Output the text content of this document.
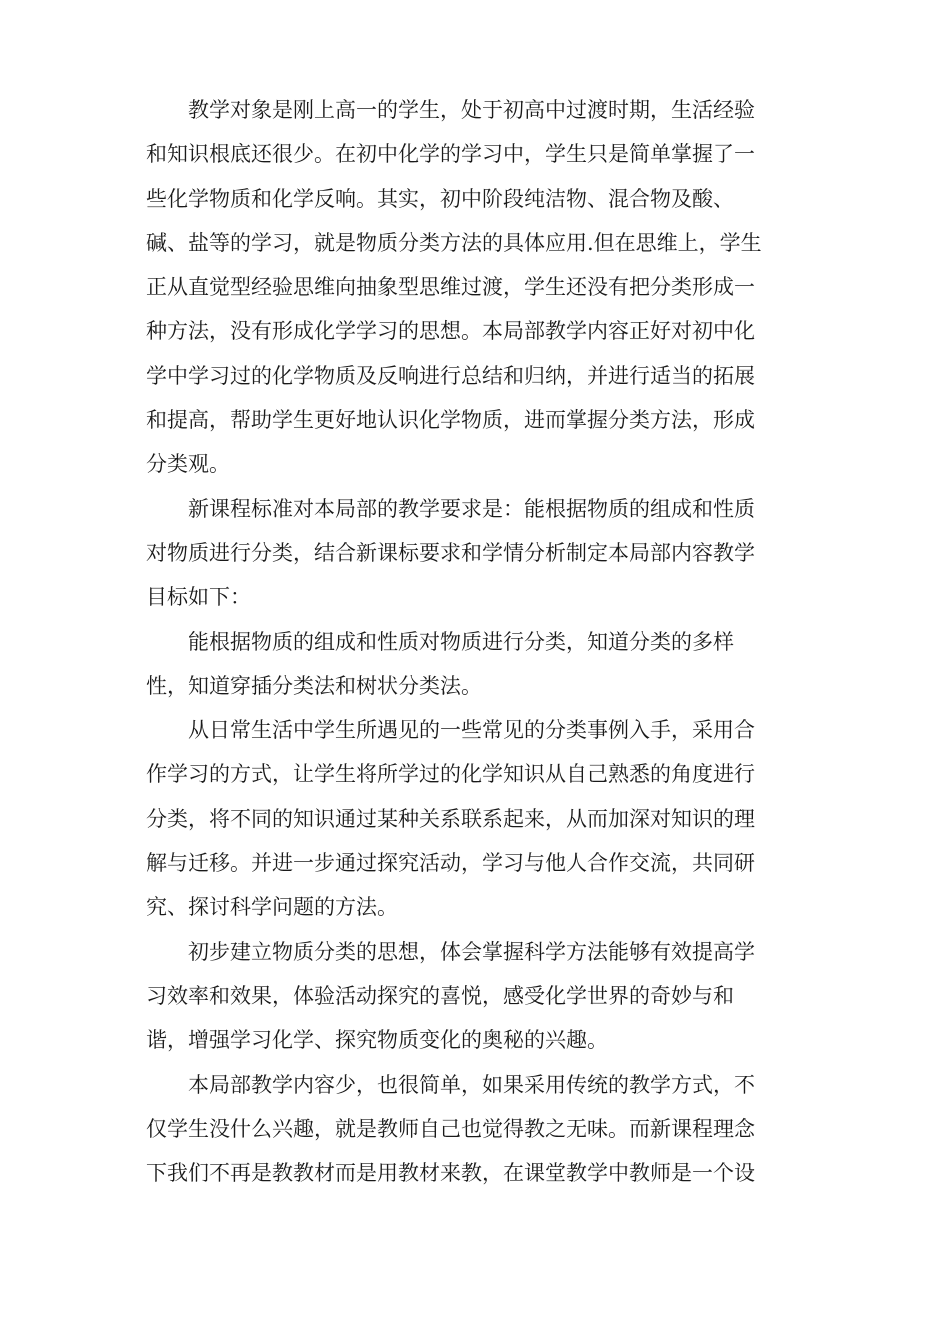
教学对象是刚上高一的学生，处于初高中过渡时期，生活经验
和知识根底还很少。在初中化学的学习中，学生只是简单掌握了一
些化学物质和化学反响。其实，初中阶段纯洁物、混合物及酸、
碱、盐等的学习，就是物质分类方法的具体应用.但在思维上，学生
正从直觉型经验思维向抽象型思维过渡，学生还没有把分类形成一
种方法，没有形成化学学习的思想。本局部教学内容正好对初中化
学中学习过的化学物质及反响进行总结和归纳，并进行适当的拓展
和提高，帮助学生更好地认识化学物质，进而掌握分类方法，形成
分类观。
新课程标准对本局部的教学要求是：能根据物质的组成和性质
对物质进行分类，结合新课标要求和学情分析制定本局部内容教学
目标如下：
能根据物质的组成和性质对物质进行分类，知道分类的多样
性，知道穿插分类法和树状分类法。
从日常生活中学生所遇见的一些常见的分类事例入手，采用合
作学习的方式，让学生将所学过的化学知识从自己熟悉的角度进行
分类，将不同的知识通过某种关系联系起来，从而加深对知识的理
解与迁移。并进一步通过探究活动，学习与他人合作交流，共同研
究、探讨科学问题的方法。
初步建立物质分类的思想，体会掌握科学方法能够有效提高学
习效率和效果，体验活动探究的喜悦，感受化学世界的奇妙与和
谐，增强学习化学、探究物质变化的奥秘的兴趣。
本局部教学内容少，也很简单，如果采用传统的教学方式，不
仅学生没什么兴趣，就是教师自己也觉得教之无味。而新课程理念
下我们不再是教教材而是用教材来教，在课堂教学中教师是一个设
